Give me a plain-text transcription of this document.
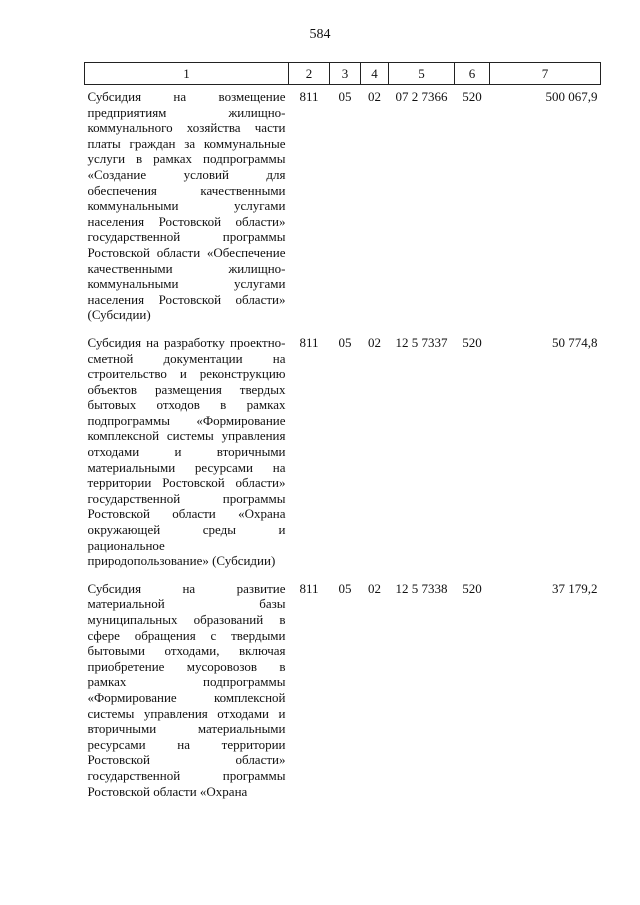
584
1	2	3	4	5	6	7
Субсидия на возмещение предприятиям жилищно-коммунального хозяйства части платы граждан за коммунальные услуги в рамках подпрограммы «Создание условий для обеспечения качественными коммунальными услугами населения Ростовской области» государственной программы Ростовской области «Обеспечение качественными жилищно-коммунальными услугами населения Ростовской области» (Субсидии)	811	05	02	07 2 7366	520	500 067,9
Субсидия на разработку проектно-сметной документации на строительство и реконструкцию объектов размещения твердых бытовых отходов в рамках подпрограммы «Формирование комплексной системы управления отходами и вторичными материальными ресурсами на территории Ростовской области» государственной программы Ростовской области «Охрана окружающей среды и рациональное природопользование» (Субсидии)	811	05	02	12 5 7337	520	50 774,8
Субсидия на развитие материальной базы муниципальных образований в сфере обращения с твердыми бытовыми отходами, включая приобретение мусоровозов в рамках подпрограммы «Формирование комплексной системы управления отходами и вторичными материальными ресурсами на территории Ростовской области» государственной программы Ростовской области «Охрана	811	05	02	12 5 7338	520	37 179,2
